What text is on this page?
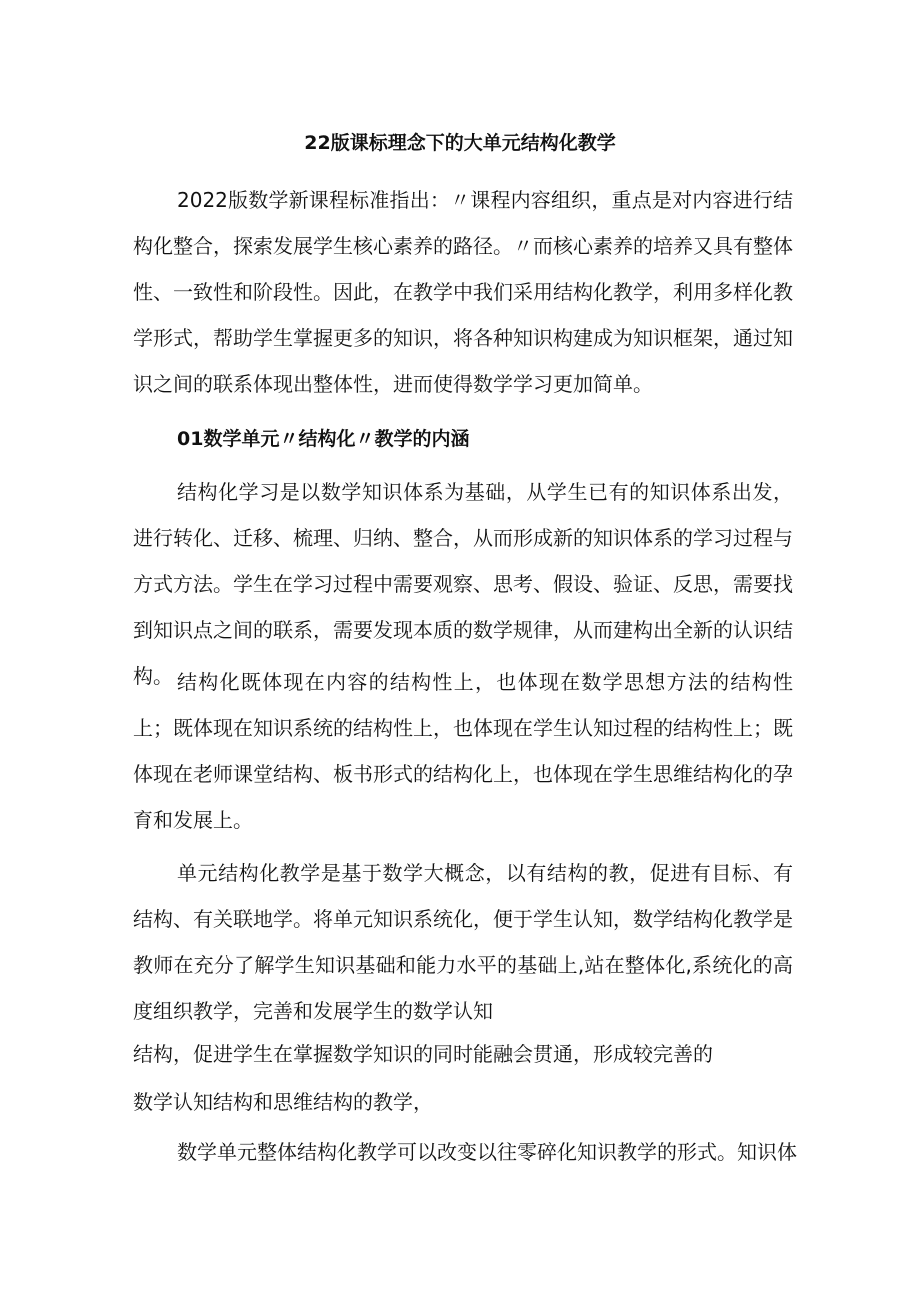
22版课标理念下的大单元结构化教学

2022版数学新课程标准指出：〃课程内容组织，重点是对内容进行结构化整合，探索发展学生核心素养的路径。〃而核心素养的培养又具有整体性、一致性和阶段性。因此，在教学中我们采用结构化教学，利用多样化教学形式，帮助学生掌握更多的知识，将各种知识构建成为知识框架，通过知识之间的联系体现出整体性，进而使得数学学习更加简单。

01数学单元〃结构化〃教学的内涵

结构化学习是以数学知识体系为基础，从学生已有的知识体系出发，进行转化、迁移、梳理、归纳、整合，从而形成新的知识体系的学习过程与方式方法。学生在学习过程中需要观察、思考、假设、验证、反思，需要找到知识点之间的联系，需要发现本质的数学规律，从而建构出全新的认识结构。 结构化既体现在内容的结构性上，也体现在数学思想方法的结构性上；既体现在知识系统的结构性上，也体现在学生认知过程的结构性上；既体现在老师课堂结构、板书形式的结构化上，也体现在学生思维结构化的孕育和发展上。

单元结构化教学是基于数学大概念，以有结构的教，促进有目标、有结构、有关联地学。将单元知识系统化，便于学生认知，数学结构化教学是教师在充分了解学生知识基础和能力水平的基础上,站在整体化,系统化的高度组织教学，完善和发展学生的数学认知

结构，促进学生在掌握数学知识的同时能融会贯通，形成较完善的
数学认知结构和思维结构的教学，
数学单元整体结构化教学可以改变以往零碎化知识教学的形式。知识体
